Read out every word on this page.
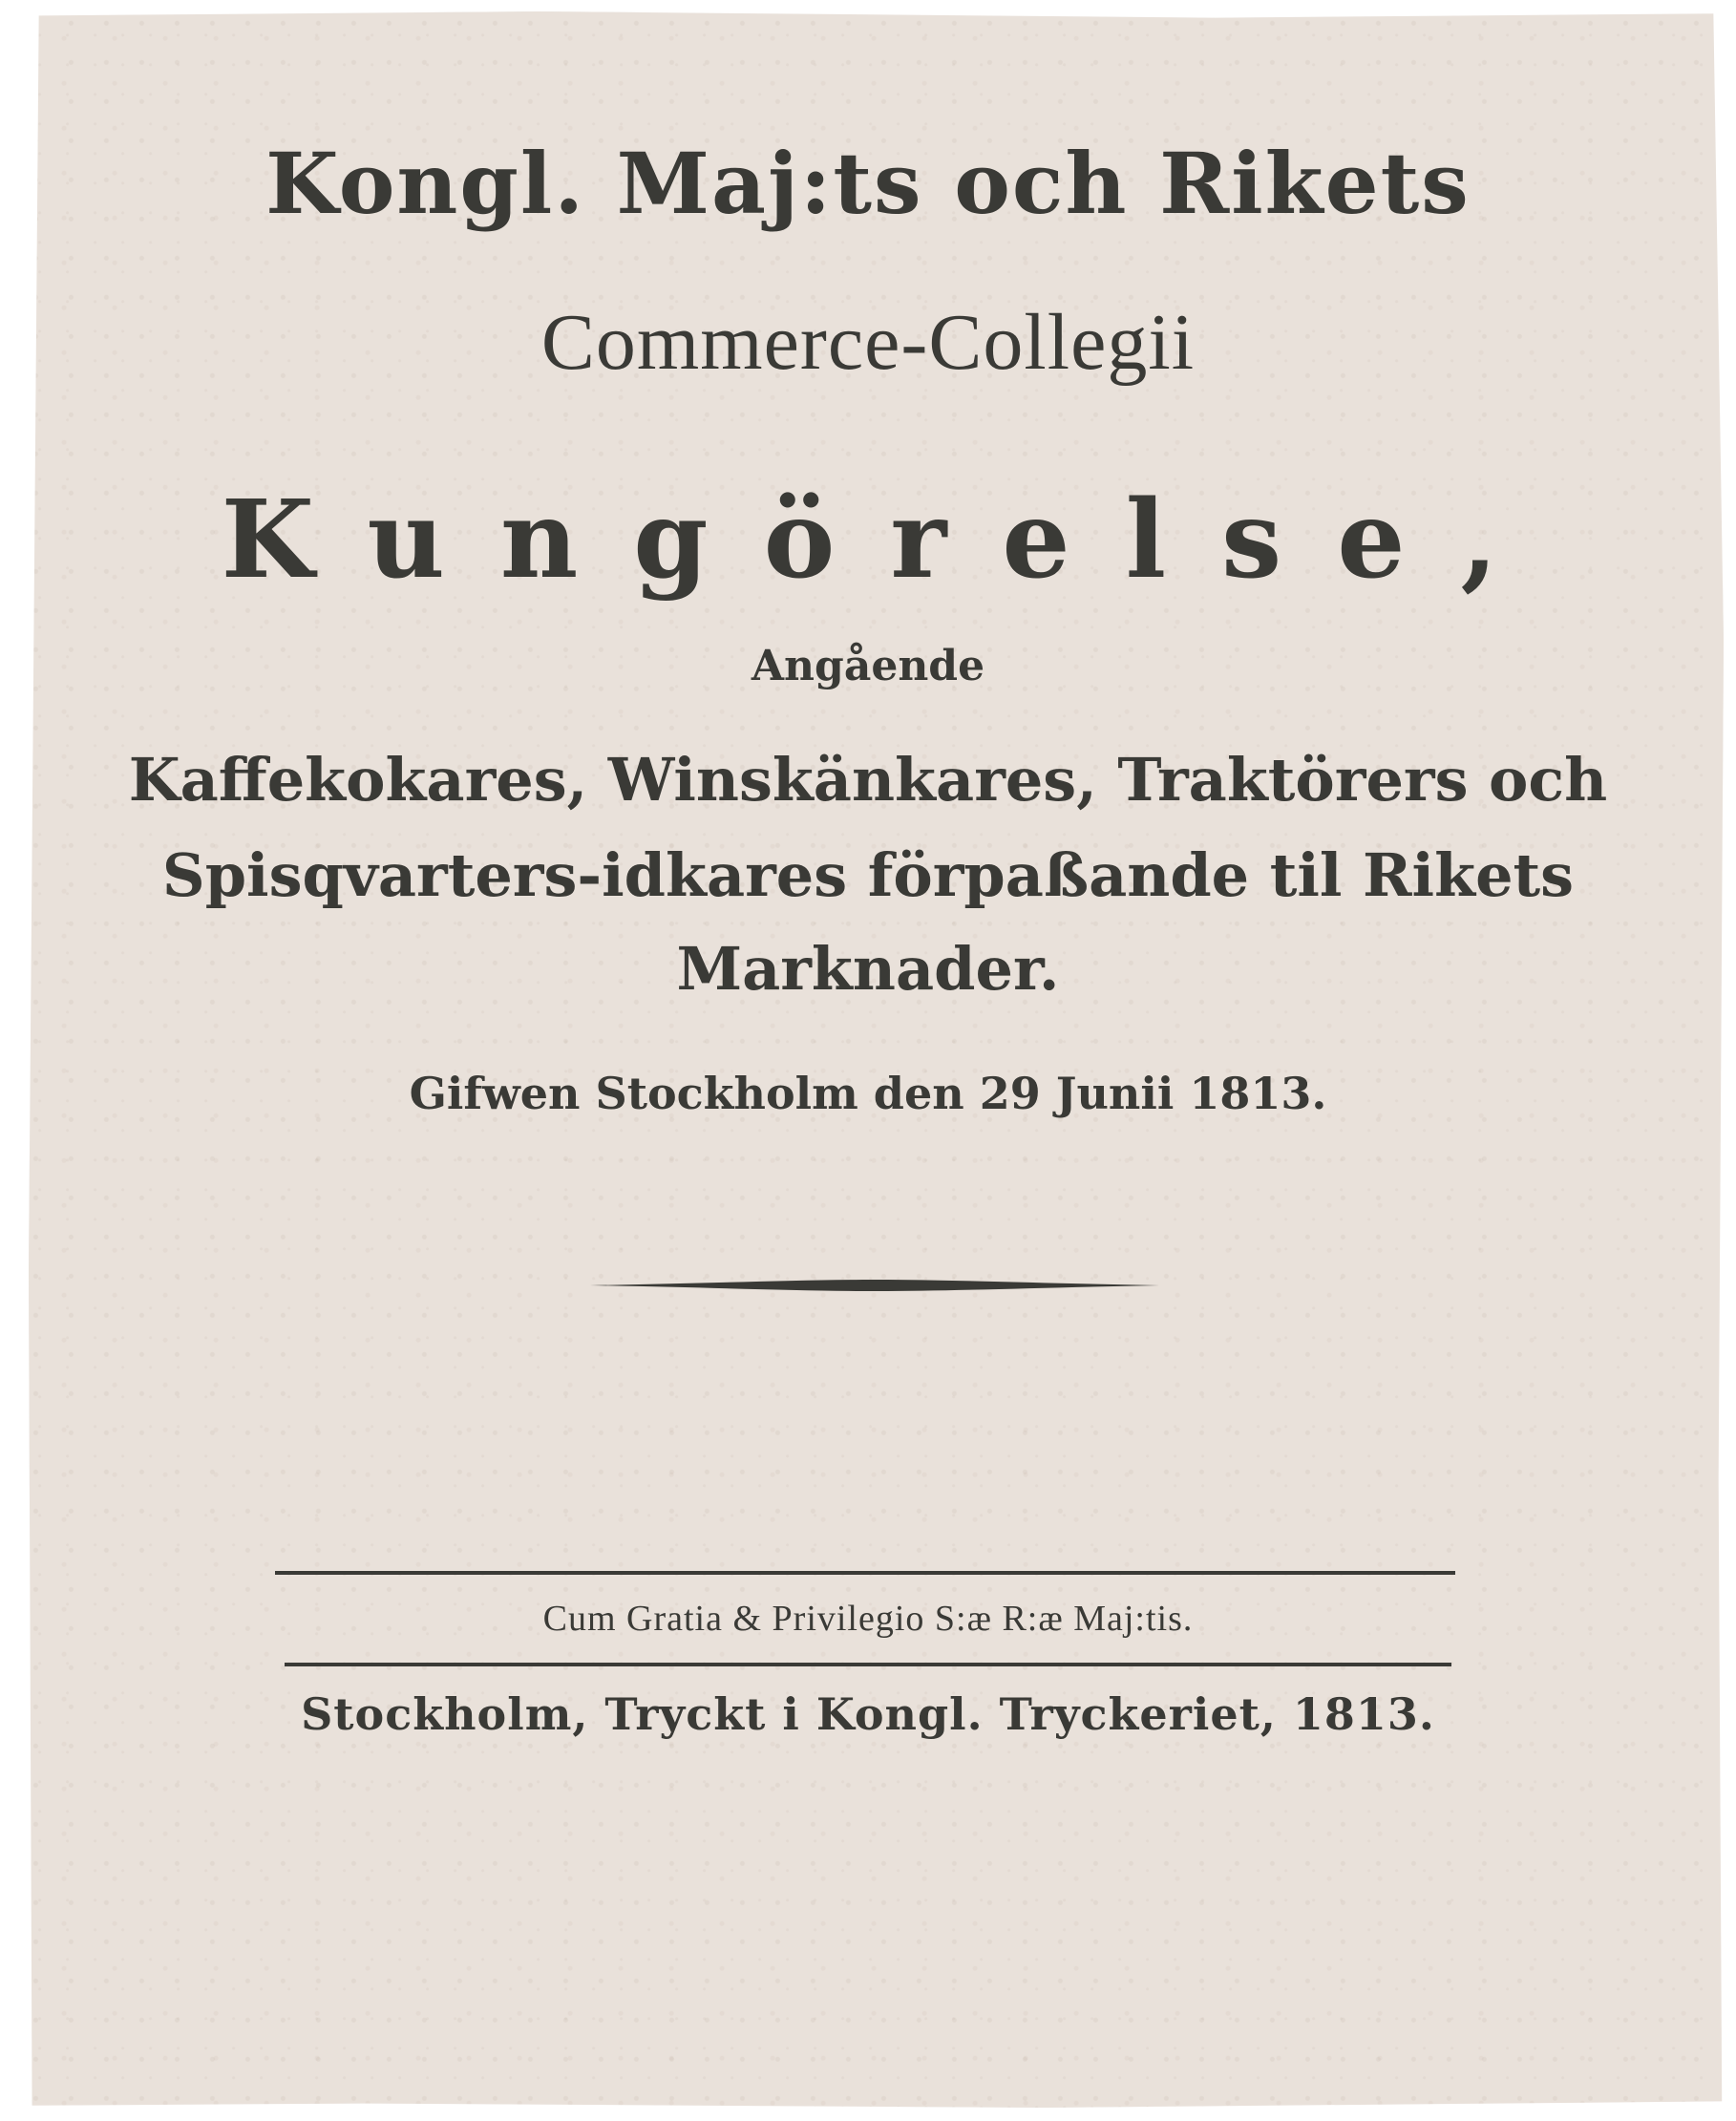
Kongl. Maj:ts och Rikets
Commerce-Collegii
Kungörelse,
Angående
Kaffekokares, Winskänkares, Traktörers och
Spisqvarters-idkares förpaßande til Rikets
Marknader.
Gifwen Stockholm den 29 Junii 1813.
Cum Gratia & Privilegio S:æ R:æ Maj:tis.
Stockholm, Tryckt i Kongl. Tryckeriet, 1813.
